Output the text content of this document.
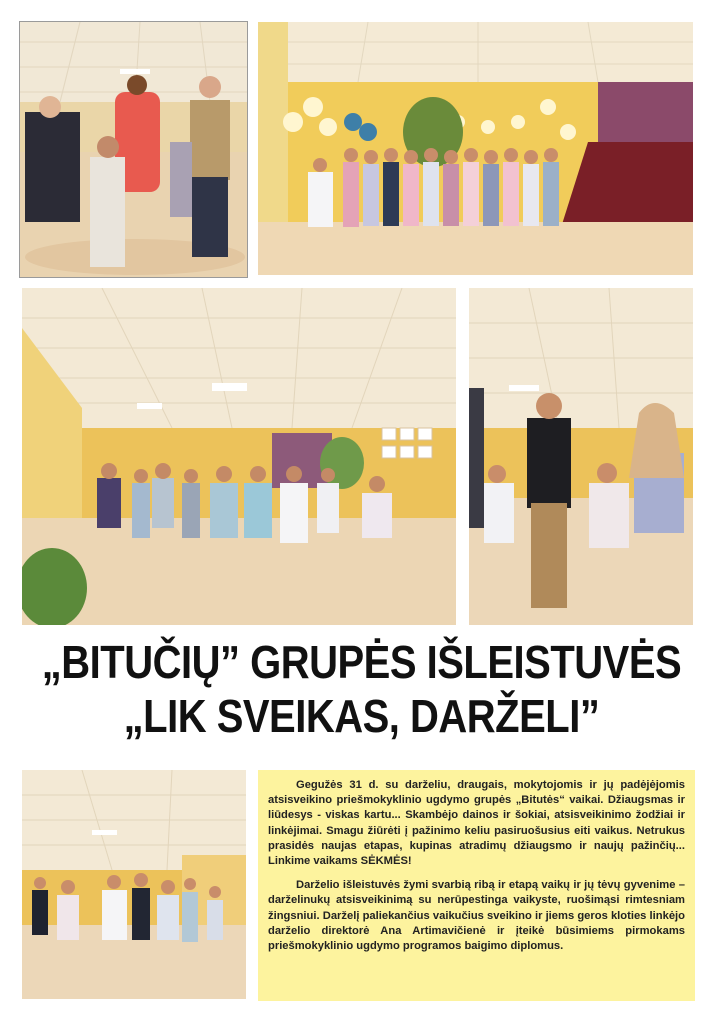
„BITUČIŲ” GRUPĖS IŠLEISTUVĖS
„LIK SVEIKAS, DARŽELI”

Gegužės 31 d. su darželiu, draugais, mokytojomis ir jų padėjėjomis atsisveikino priešmokyklinio ugdymo grupės „Bitutės“ vaikai. Džiaugsmas ir liūdesys - viskas kartu... Skambėjo dainos ir šokiai, atsisveikinimo žodžiai ir linkėjimai. Smagu žiūrėti į pažinimo keliu pasiruošusius eiti vaikus. Netrukus prasidės naujas etapas, kupinas atradimų džiaugsmo ir naujų pažinčių... Linkime vaikams SĖKMĖS!

Darželio išleistuvės žymi svarbią ribą ir etapą vaikų ir jų tėvų gyvenime – darželinukų atsisveikinimą su nerūpestinga vaikyste, ruošimąsi rimtesniam žingsniui. Darželį paliekančius vaikučius sveikino ir jiems geros kloties linkėjo darželio direktorė Ana Artimavičienė ir įteikė būsimiems pirmokams priešmokyklinio ugdymo programos baigimo diplomus.
